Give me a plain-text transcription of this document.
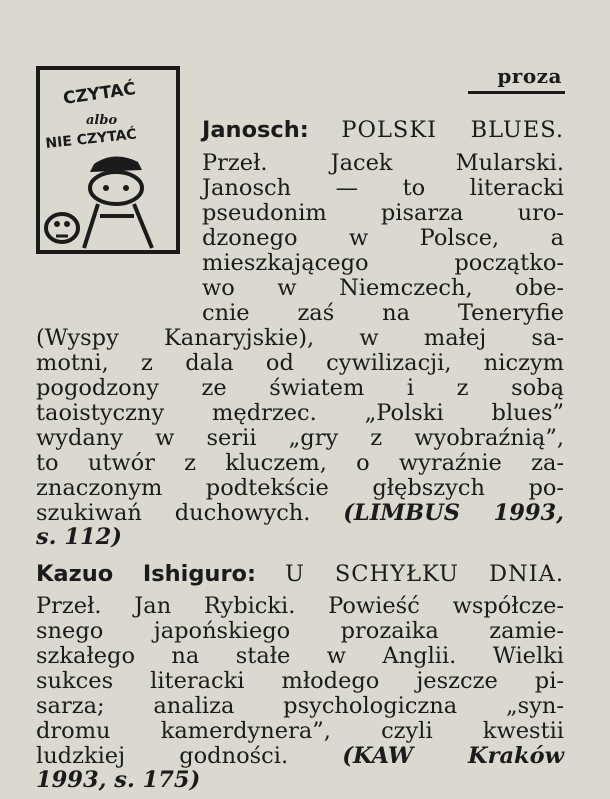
proza
CZYTAĆ
albo
NIE CZYTAĆ	Janosch: POLSKI BLUES.
Przeł. Jacek Mularski.
Janosch — to literacki
pseudonim pisarza uro-
dzonego w Polsce, a
mieszkającego początko-
wo w Niemczech, obe-
cnie zaś na Teneryfie
(Wyspy Kanaryjskie), w małej sa-
motni, z dala od cywilizacji, niczym
pogodzony ze światem i z sobą
taoistyczny mędrzec. „Polski blues”
wydany w serii „gry z wyobraźnią”,
to utwór z kluczem, o wyraźnie za-
znaczonym podtekście głębszych po-
szukiwań duchowych. (LIMBUS 1993,
s. 112)
Kazuo Ishiguro: U SCHYŁKU DNIA.
Przeł. Jan Rybicki. Powieść współcze-
snego japońskiego prozaika zamie-
szkałego na stałe w Anglii. Wielki
sukces literacki młodego jeszcze pi-
sarza; analiza psychologiczna „syn-
dromu kamerdynera”, czyli kwestii
ludzkiej godności. (KAW Kraków
1993, s. 175)
